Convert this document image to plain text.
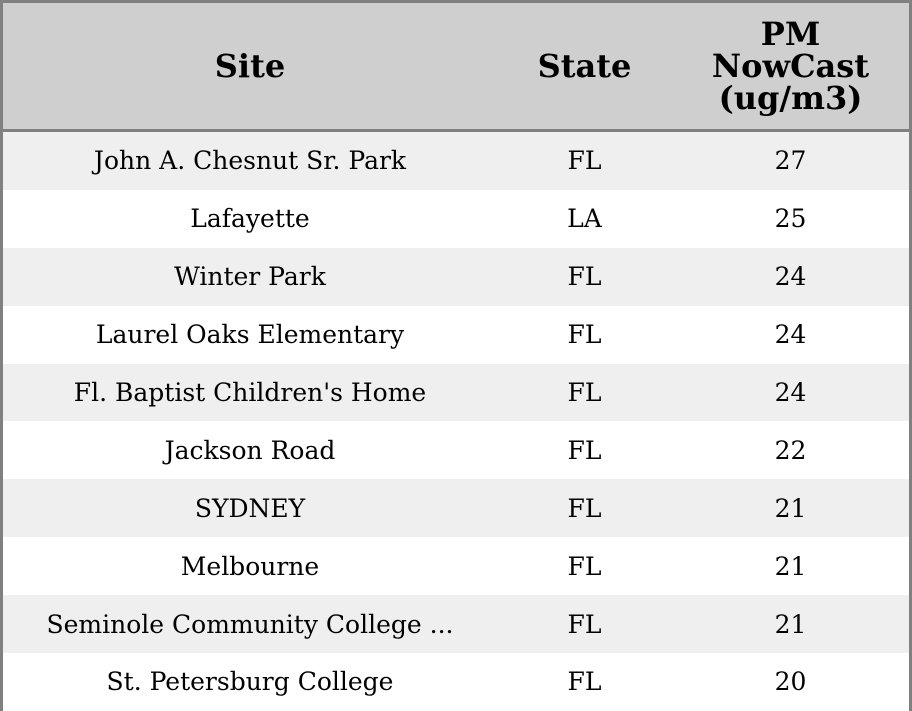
Site	State	PM
NowCast
(ug/m3)

John A. Chesnut Sr. Park	FL	27
Lafayette	LA	25
Winter Park	FL	24
Laurel Oaks Elementary	FL	24
Fl. Baptist Children's Home	FL	24
Jackson Road	FL	22
SYDNEY	FL	21
Melbourne	FL	21
Seminole Community College ...	FL	21
St. Petersburg College	FL	20
